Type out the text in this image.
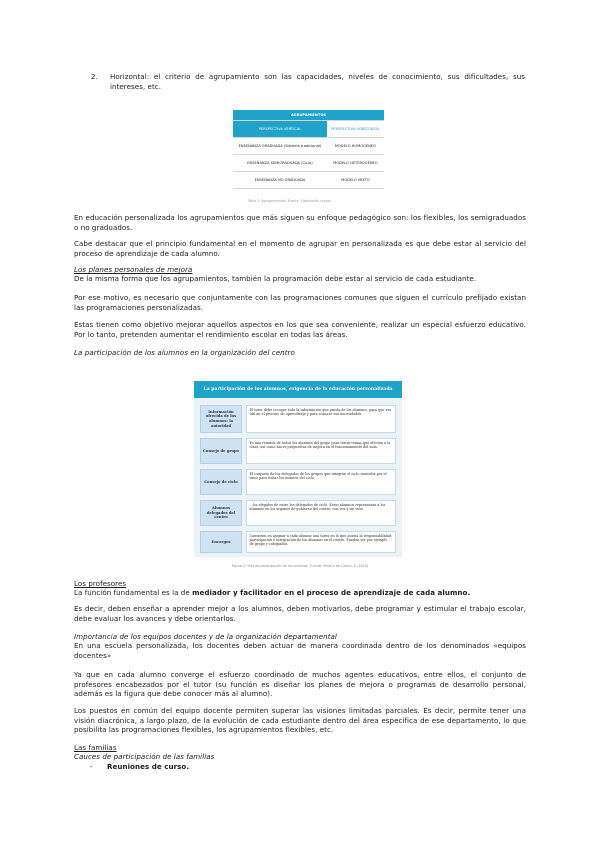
2. Horizontal: el criterio de agrupamiento son las capacidades, niveles de conocimiento, sus dificultades, sus intereses, etc.
AGRUPAMIENTOS	
PERSPECTIVA VERTICAL	PERSPECTIVA HORIZONTAL
ENSEÑANZA GRADUADA (Sistema tradicional)	MODELO HOMOGÉNEO
ENSEÑANZA SEMIGRADUADA (Ciclo)	MODELO HETEROGÉNEO
ENSEÑANZA NO GRADUADA	MODELO MIXTO
Tabla 1: Agrupamientos. Fuente: Elaboración propia.
En educación personalizada los agrupamientos que más siguen su enfoque pedagógico son: los flexibles, los semigraduados o no graduados.
Cabe destacar que el principio fundamental en el momento de agrupar en personalizada es que debe estar al servicio del proceso de aprendizaje de cada alumno.
Los planes personales de mejora
De la misma forma que los agrupamientos, también la programación debe estar al servicio de cada estudiante.
Por ese motivo, es necesario que conjuntamente con las programaciones comunes que siguen el currículo prefijado existan las programaciones personalizadas.
Estas tienen como objetivo mejorar aquellos aspectos en los que sea conveniente, realizar un especial esfuerzo educativo. Por lo tanto, pretenden aumentar el rendimiento escolar en todas las áreas.
La participación de los alumnos en la organización del centro
La participación de los alumnos, exigencia de la educación personalizada
Información ofrecida de los alumnos: la autoridad
El tutor debe recoger toda la información que pueda de los alumnos, para que sea útil en el proceso de aprendizaje y para conocer sus necesidades.
Consejo de grupo
Es una reunión de todos los alumnos del grupo para tratar temas que afecten a la clase, así como hacer propuestas de mejora en el funcionamiento del aula.
Consejo de ciclo
El conjunto de los delegados de los grupos que integran el ciclo reunidos por el tutor para tratar los asuntos del ciclo.
Alumnos delegados del centro
...los elegidos de entre los delegados de ciclo. Estos alumnos representan a los alumnos en los órganos de gobierno del centro, con voz y sin voto.
Encargos
Consisten en asignar a cada alumno una tarea en la que asuma la responsabilidad; participación e integración de los alumnos en el centro. Pueden ser por ejemplo de grupo y colegiados.
Figura 2: Vías de participación de los alumnos. Fuente: Pereira de Castro, P. (2010)
Los profesores
La función fundamental es la de mediador y facilitador en el proceso de aprendizaje de cada alumno.
Es decir, deben enseñar a aprender mejor a los alumnos, deben motivarlos, debe programar y estimular el trabajo escolar, debe evaluar los avances y debe orientarlos.
Importancia de los equipos docentes y de la organización departamental
En una escuela personalizada, los docentes deben actuar de manera coordinada dentro de los denominados «equipos docentes»
Ya que en cada alumno converge el esfuerzo coordinado de muchos agentes educativos, entre ellos, el conjunto de profesores encabezados por el tutor (su función es diseñar los planes de mejora o programas de desarrollo personal, además es la figura que debe conocer más al alumno).
Los puestos en común del equipo docente permiten superar las visiones limitadas parciales. Es decir, permite tener una visión diacrónica, a largo plazo, de la evolución de cada estudiante dentro del área específica de ese departamento, lo que posibilita las programaciones flexibles, los agrupamientos flexibles, etc.
Las familias
Cauces de participación de las familias
- Reuniones de curso.
